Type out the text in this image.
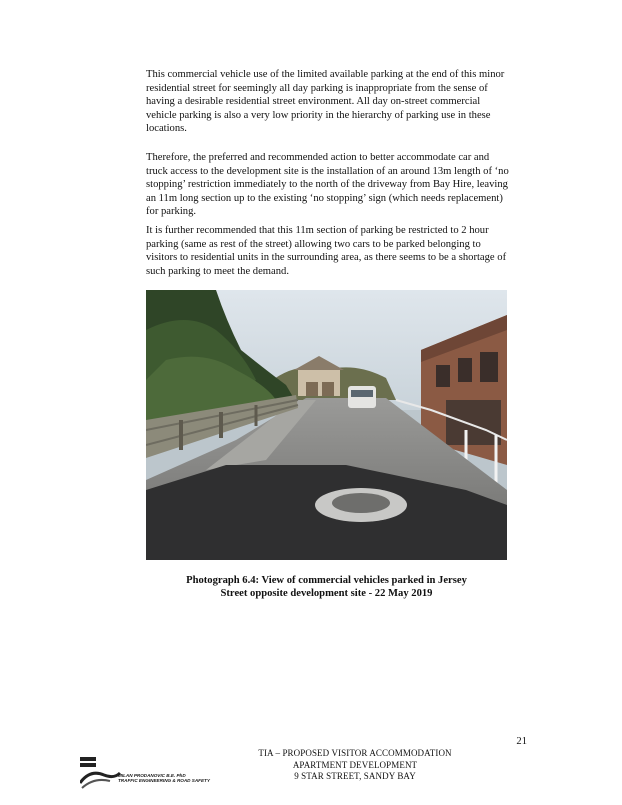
This commercial vehicle use of the limited available parking at the end of this minor residential street for seemingly all day parking is inappropriate from the sense of having a desirable residential street environment. All day on-street commercial vehicle parking is also a very low priority in the hierarchy of parking use in these locations.

Therefore, the preferred and recommended action to better accommodate car and truck access to the development site is the installation of an around 13m length of ‘no stopping’ restriction immediately to the north of the driveway from Bay Hire, leaving an 11m long section up to the existing ‘no stopping’ sign (which needs replacement) for parking.

It is further recommended that this 11m section of parking be restricted to 2 hour parking (same as rest of the street) allowing two cars to be parked belonging to visitors to residential units in the surrounding area, as there seems to be a shortage of such parking to meet the demand.

Photograph 6.4: View of commercial vehicles parked in Jersey
Street opposite development site - 22 May 2019
21
TIA – PROPOSED VISITOR ACCOMMODATION
APARTMENT DEVELOPMENT
9 STAR STREET, SANDY BAY
MILAN PRODANOVIC B.E. PhD
TRAFFIC ENGINEERING & ROAD SAFETY
